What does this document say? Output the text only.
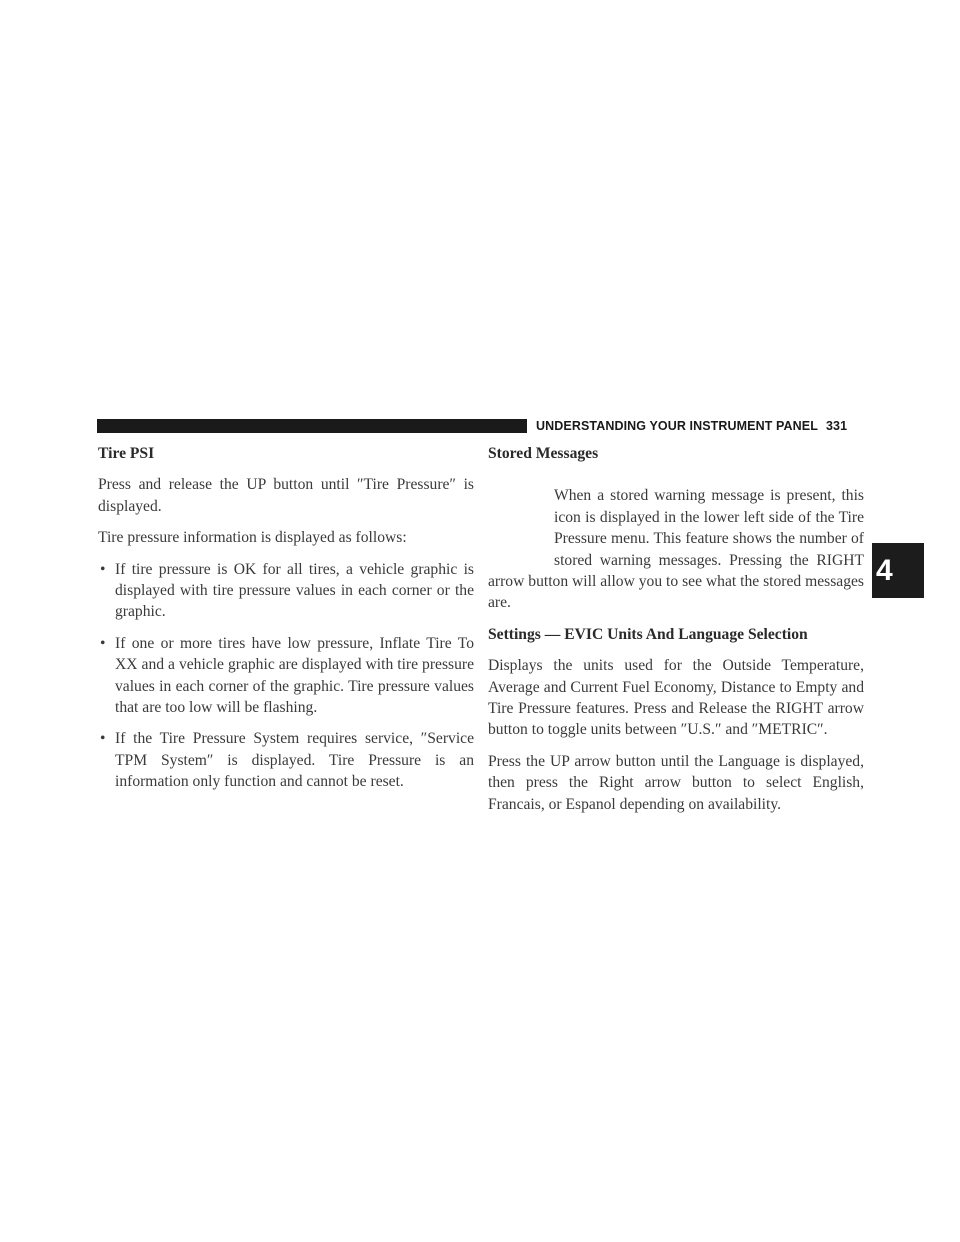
UNDERSTANDING YOUR INSTRUMENT PANEL 331
4
Tire PSI

Press and release the UP button until ″Tire Pressure″ is displayed.

Tire pressure information is displayed as follows:

• If tire pressure is OK for all tires, a vehicle graphic is displayed with tire pressure values in each corner or the graphic.
• If one or more tires have low pressure, Inflate Tire To XX and a vehicle graphic are displayed with tire pressure values in each corner of the graphic. Tire pressure values that are too low will be flashing.
• If the Tire Pressure System requires service, ″Service TPM System″ is displayed. Tire Pressure is an information only function and cannot be reset.
Stored Messages

When a stored warning message is present, this icon is displayed in the lower left side of the Tire Pressure menu. This feature shows the number of stored warning messages. Pressing the RIGHT arrow button will allow you to see what the stored messages are.

Settings — EVIC Units And Language Selection

Displays the units used for the Outside Temperature, Average and Current Fuel Economy, Distance to Empty and Tire Pressure features. Press and Release the RIGHT arrow button to toggle units between ″U.S.″ and ″METRIC″.

Press the UP arrow button until the Language is displayed, then press the Right arrow button to select English, Francais, or Espanol depending on availability.
